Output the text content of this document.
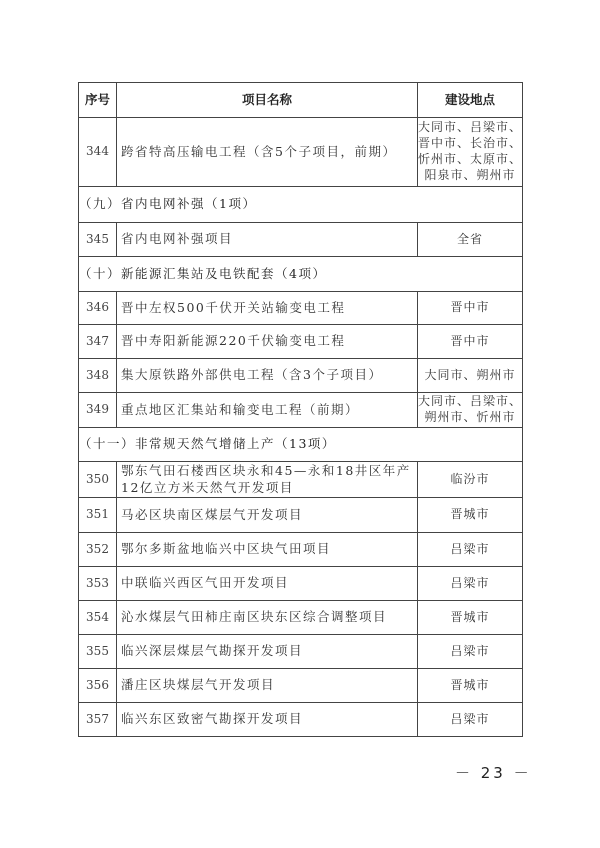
序号	项目名称	建设地点
344	跨省特高压输电工程（含5个子项目，前期）	大同市、吕梁市、晋中市、长治市、忻州市、太原市、阳泉市、朔州市
（九）省内电网补强（1项）		
345	省内电网补强项目	全省
（十）新能源汇集站及电铁配套（4项）		
346	晋中左权500千伏开关站输变电工程	晋中市
347	晋中寿阳新能源220千伏输变电工程	晋中市
348	集大原铁路外部供电工程（含3个子项目）	大同市、朔州市
349	重点地区汇集站和输变电工程（前期）	大同市、吕梁市、朔州市、忻州市
（十一）非常规天然气增储上产（13项）		
350	鄂东气田石楼西区块永和45—永和18井区年产12亿立方米天然气开发项目	临汾市
351	马必区块南区煤层气开发项目	晋城市
352	鄂尔多斯盆地临兴中区块气田项目	吕梁市
353	中联临兴西区气田开发项目	吕梁市
354	沁水煤层气田柿庄南区块东区综合调整项目	晋城市
355	临兴深层煤层气勘探开发项目	吕梁市
356	潘庄区块煤层气开发项目	晋城市
357	临兴东区致密气勘探开发项目	吕梁市
－ 23 －
